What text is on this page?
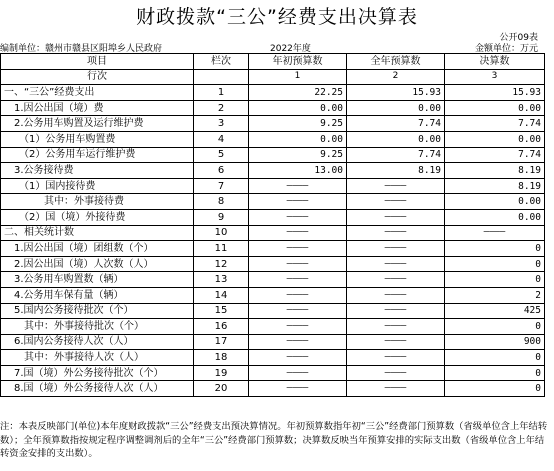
财政拨款“三公”经费支出决算表
公开09表
编制单位：赣州市赣县区阳埠乡人民政府	2022年度	金额单位：万元
项目	栏次	年初预算数	全年预算数	决算数
行次		1	2	3
一、“三公”经费支出	1	22.25	15.93	15.93
　1.因公出国（境）费	2	0.00	0.00	0.00
　2.公务用车购置及运行维护费	3	9.25	7.74	7.74
　　（1）公务用车购置费	4	0.00	0.00	0.00
　　（2）公务用车运行维护费	5	9.25	7.74	7.74
　3.公务接待费	6	13.00	8.19	8.19
　　（1）国内接待费	7	————	————	8.19
　　　　其中：外事接待费	8	————	————	0.00
　　（2）国（境）外接待费	9	————	————	0.00
二、相关统计数	10	————	————	————
　1.因公出国（境）团组数（个）	11	————	————	0
　2.因公出国（境）人次数（人）	12	————	————	0
　3.公务用车购置数（辆）	13	————	————	0
　4.公务用车保有量（辆）	14	————	————	2
　5.国内公务接待批次（个）	15	————	————	425
　　其中：外事接待批次（个）	16	————	————	0
　6.国内公务接待人次（人）	17	————	————	900
　　其中：外事接待人次（人）	18	————	————	0
　7.国（境）外公务接待批次（个）	19	————	————	0
　8.国（境）外公务接待人次（人）	20	————	————	0
注：本表反映部门(单位)本年度财政拨款“三公”经费支出预决算情况。年初预算数指年初“三公”经费部门预算数（省级单位含上年结转数）；全年预算数指按规定程序调整调剂后的全年“三公”经费部门预算数；决算数反映当年预算安排的实际支出数（省级单位含上年结转资金安排的支出数）。
